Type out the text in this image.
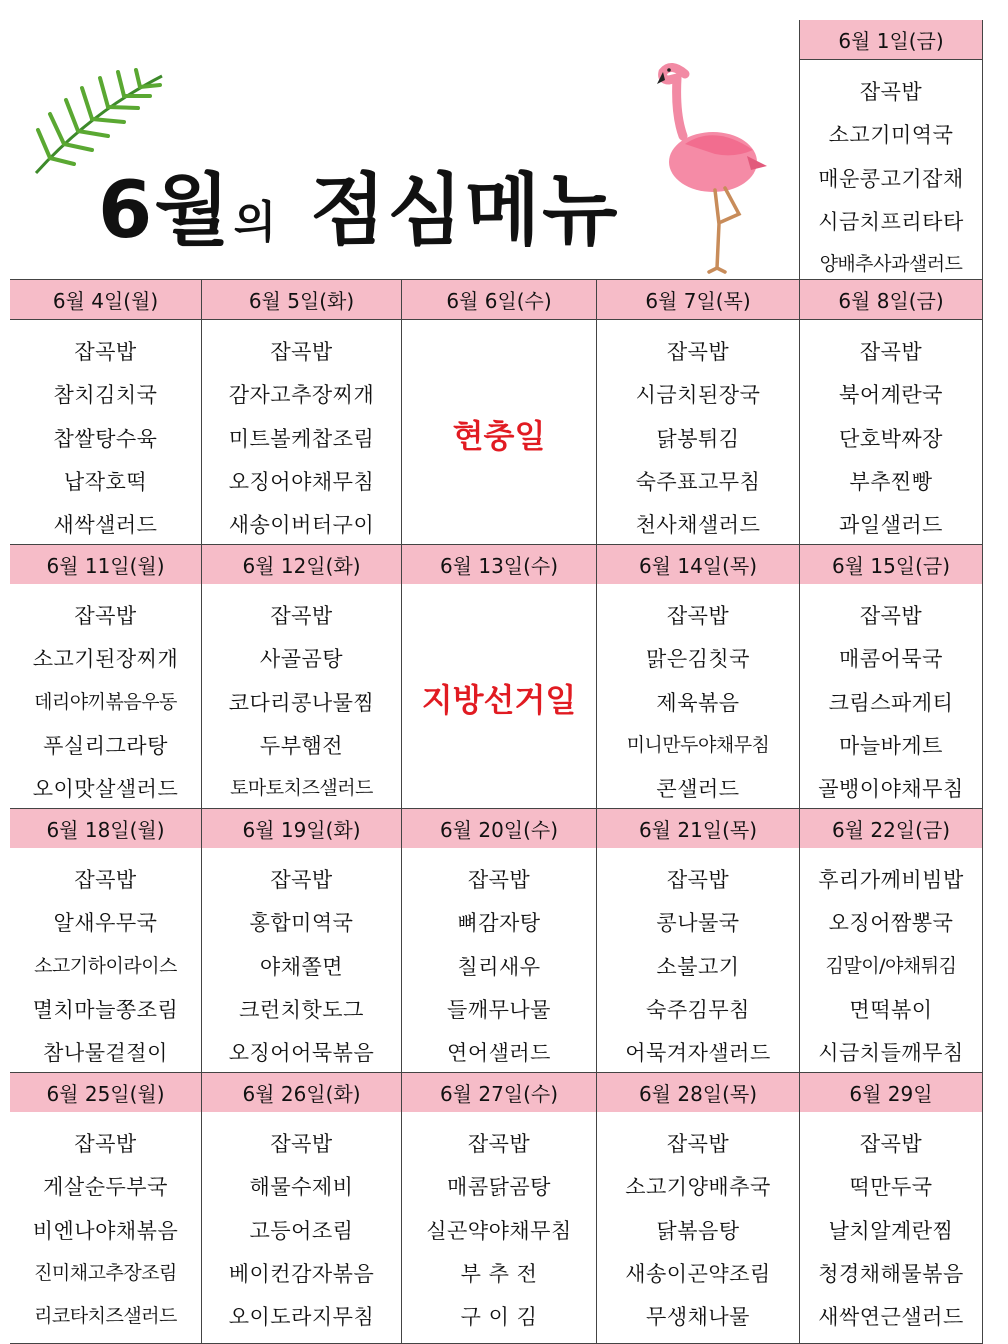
6월의 점심메뉴
6월 1일(금)
잡곡밥
소고기미역국
매운콩고기잡채
시금치프리타타
양배추사과샐러드
6월 4일(월)
잡곡밥
참치김치국
찹쌀탕수육
납작호떡
새싹샐러드
6월 5일(화)
잡곡밥
감자고추장찌개
미트볼케찹조림
오징어야채무침
새송이버터구이
6월 6일(수)
현충일
6월 7일(목)
잡곡밥
시금치된장국
닭봉튀김
숙주표고무침
천사채샐러드
6월 8일(금)
잡곡밥
북어계란국
단호박짜장
부추찐빵
과일샐러드
6월 11일(월)
잡곡밥
소고기된장찌개
데리야끼볶음우동
푸실리그라탕
오이맛살샐러드
6월 12일(화)
잡곡밥
사골곰탕
코다리콩나물찜
두부햄전
토마토치즈샐러드
6월 13일(수)
지방선거일
6월 14일(목)
잡곡밥
맑은김칫국
제육볶음
미니만두야채무침
콘샐러드
6월 15일(금)
잡곡밥
매콤어묵국
크림스파게티
마늘바게트
골뱅이야채무침
6월 18일(월)
잡곡밥
알새우무국
소고기하이라이스
멸치마늘쫑조림
참나물겉절이
6월 19일(화)
잡곡밥
홍합미역국
야채쫄면
크런치핫도그
오징어어묵볶음
6월 20일(수)
잡곡밥
뼈감자탕
칠리새우
들깨무나물
연어샐러드
6월 21일(목)
잡곡밥
콩나물국
소불고기
숙주김무침
어묵겨자샐러드
6월 22일(금)
후리가께비빔밥
오징어짬뽕국
김말이/야채튀김
면떡볶이
시금치들깨무침
6월 25일(월)
잡곡밥
게살순두부국
비엔나야채볶음
진미채고추장조림
리코타치즈샐러드
6월 26일(화)
잡곡밥
해물수제비
고등어조림
베이컨감자볶음
오이도라지무침
6월 27일(수)
잡곡밥
매콤닭곰탕
실곤약야채무침
부 추 전
구 이 김
6월 28일(목)
잡곡밥
소고기양배추국
닭볶음탕
새송이곤약조림
무생채나물
6월 29일
잡곡밥
떡만두국
날치알계란찜
청경채해물볶음
새싹연근샐러드
